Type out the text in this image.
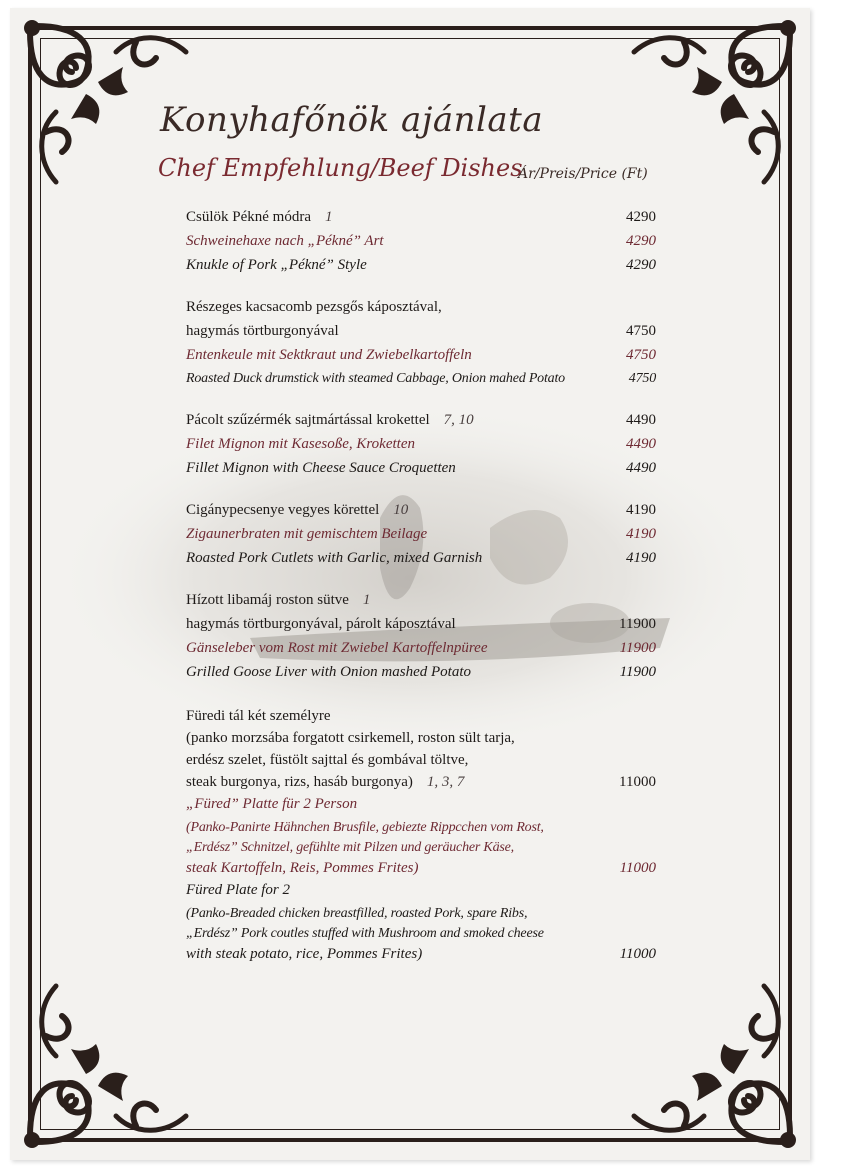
Konyhafőnök ajánlata
Chef Empfehlung/Beef Dishes
Ár/Preis/Price (Ft)
Csülök Pékné módra 1	4290
Schweinehaxe nach „Pékné” Art	4290
Knukle of Pork „Pékné” Style	4290
Részeges kacsacomb pezsgős káposztával,
hagymás törtburgonyával	4750
Entenkeule mit Sektkraut und Zwiebelkartoffeln	4750
Roasted Duck drumstick with steamed Cabbage, Onion mahed Potato	4750
Pácolt szűzérmék sajtmártással krokettel 7, 10	4490
Filet Mignon mit Kasesoße, Kroketten	4490
Fillet Mignon with Cheese Sauce Croquetten	4490
Cigánypecsenye vegyes körettel 10	4190
Zigaunerbraten mit gemischtem Beilage	4190
Roasted Pork Cutlets with Garlic, mixed Garnish	4190
Hízott libamáj roston sütve 1
hagymás törtburgonyával, párolt káposztával	11900
Gänseleber vom Rost mit Zwiebel Kartoffelnpüree	11900
Grilled Goose Liver with Onion mashed Potato	11900
Füredi tál két személyre
(panko morzsába forgatott csirkemell, roston sült tarja,
erdész szelet, füstölt sajttal és gombával töltve,
steak burgonya, rizs, hasáb burgonya) 1, 3, 7	11000
„Füred” Platte für 2 Person
(Panko-Panirte Hähnchen Brusfile, gebiezte Rippcchen vom Rost,
„Erdész” Schnitzel, gefühlte mit Pilzen und geräucher Käse,
steak Kartoffeln, Reis, Pommes Frites)	11000
Füred Plate for 2
(Panko-Breaded chicken breastfilled, roasted Pork, spare Ribs,
„Erdész” Pork coutles stuffed with Mushroom and smoked cheese
with steak potato, rice, Pommes Frites)	11000
